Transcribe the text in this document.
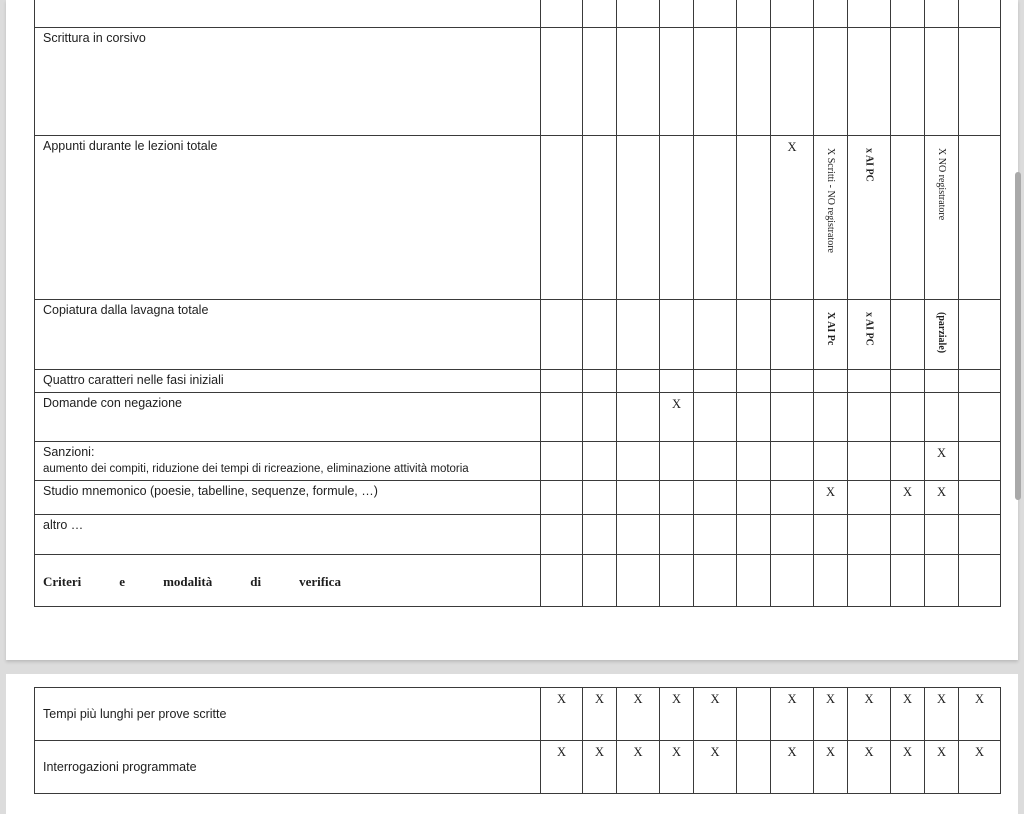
Scrittura in corsivo

Appunti durante le lezioni totale							X	X Scritti - NO registratore	x AI PC		X NO registratore	

Copiatura dalla lavagna totale								X AI Pc	x AI PC		(parziale)	

Quattro caratteri nelle fasi iniziali

Domande con negazione				X								
Sanzioni:
aumento dei compiti, riduzione dei tempi di ricreazione, eliminazione attività motoria											X	
Studio mnemonico (poesie, tabelline, sequenze, formule, …)								X		X	X	
altro …

Criteri e modalità di verifica												

Tempi più lunghi per prove scritte	X	X	X	X	X		X	X	X	X	X	X
Interrogazioni programmate	X	X	X	X	X		X	X	X	X	X	X
